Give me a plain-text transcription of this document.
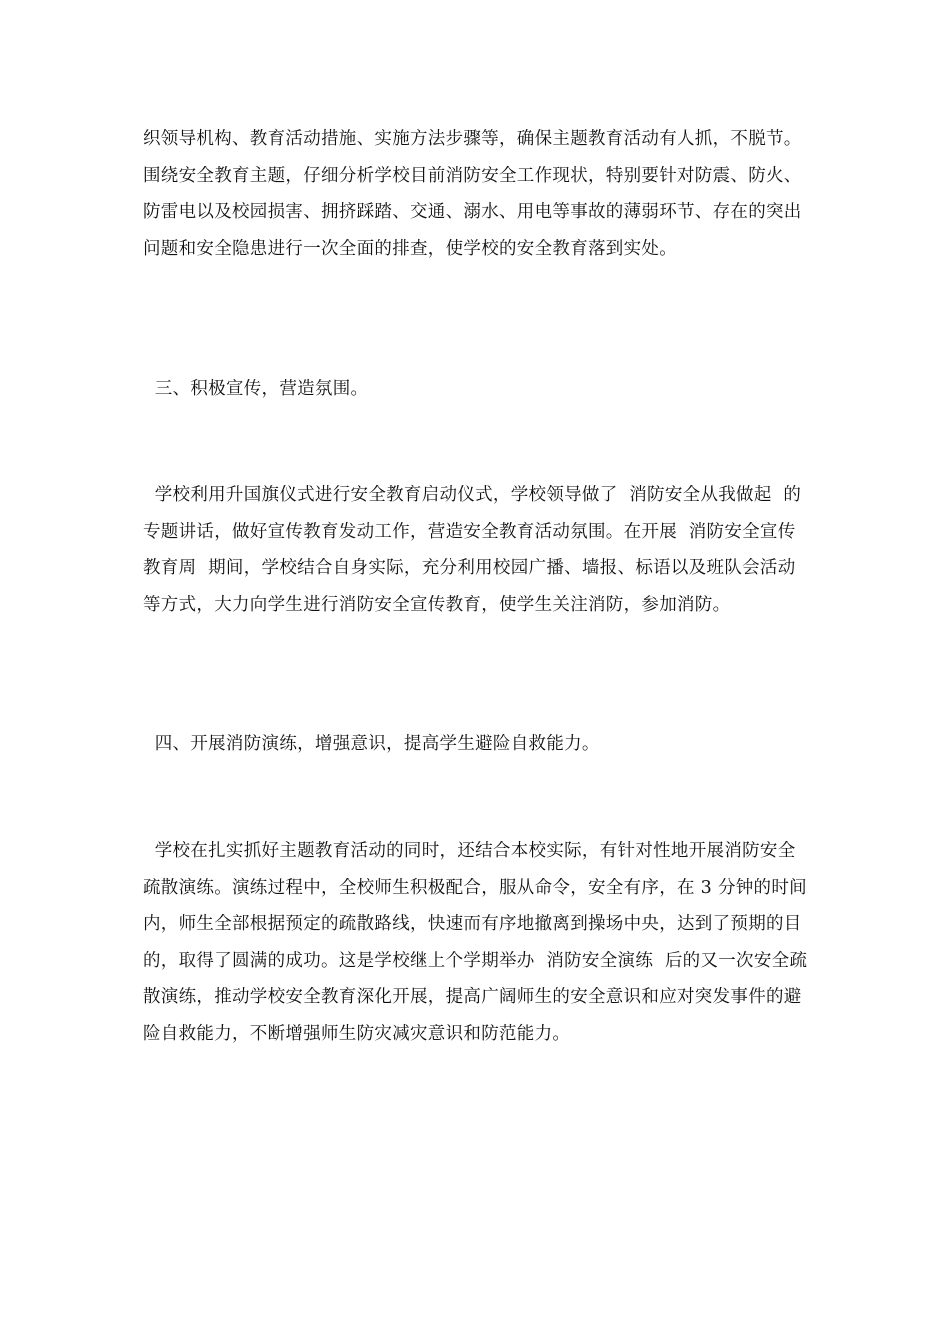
织领导机构、教育活动措施、实施方法步骤等，确保主题教育活动有人抓，不脱节。围绕安全教育主题，仔细分析学校目前消防安全工作现状，特别要针对防震、防火、防雷电以及校园损害、拥挤踩踏、交通、溺水、用电等事故的薄弱环节、存在的突出问题和安全隐患进行一次全面的排查，使学校的安全教育落到实处。

三、积极宣传，营造氛围。

学校利用升国旗仪式进行安全教育启动仪式，学校领导做了  消防安全从我做起  的专题讲话，做好宣传教育发动工作，营造安全教育活动氛围。在开展  消防安全宣传教育周  期间，学校结合自身实际，充分利用校园广播、墙报、标语以及班队会活动等方式，大力向学生进行消防安全宣传教育，使学生关注消防，参加消防。

四、开展消防演练，增强意识，提高学生避险自救能力。

学校在扎实抓好主题教育活动的同时，还结合本校实际，有针对性地开展消防安全疏散演练。演练过程中，全校师生积极配合，服从命令，安全有序，在 3 分钟的时间内，师生全部根据预定的疏散路线，快速而有序地撤离到操场中央，达到了预期的目的，取得了圆满的成功。这是学校继上个学期举办  消防安全演练  后的又一次安全疏散演练，推动学校安全教育深化开展，提高广阔师生的安全意识和应对突发事件的避险自救能力，不断增强师生防灾减灾意识和防范能力。
